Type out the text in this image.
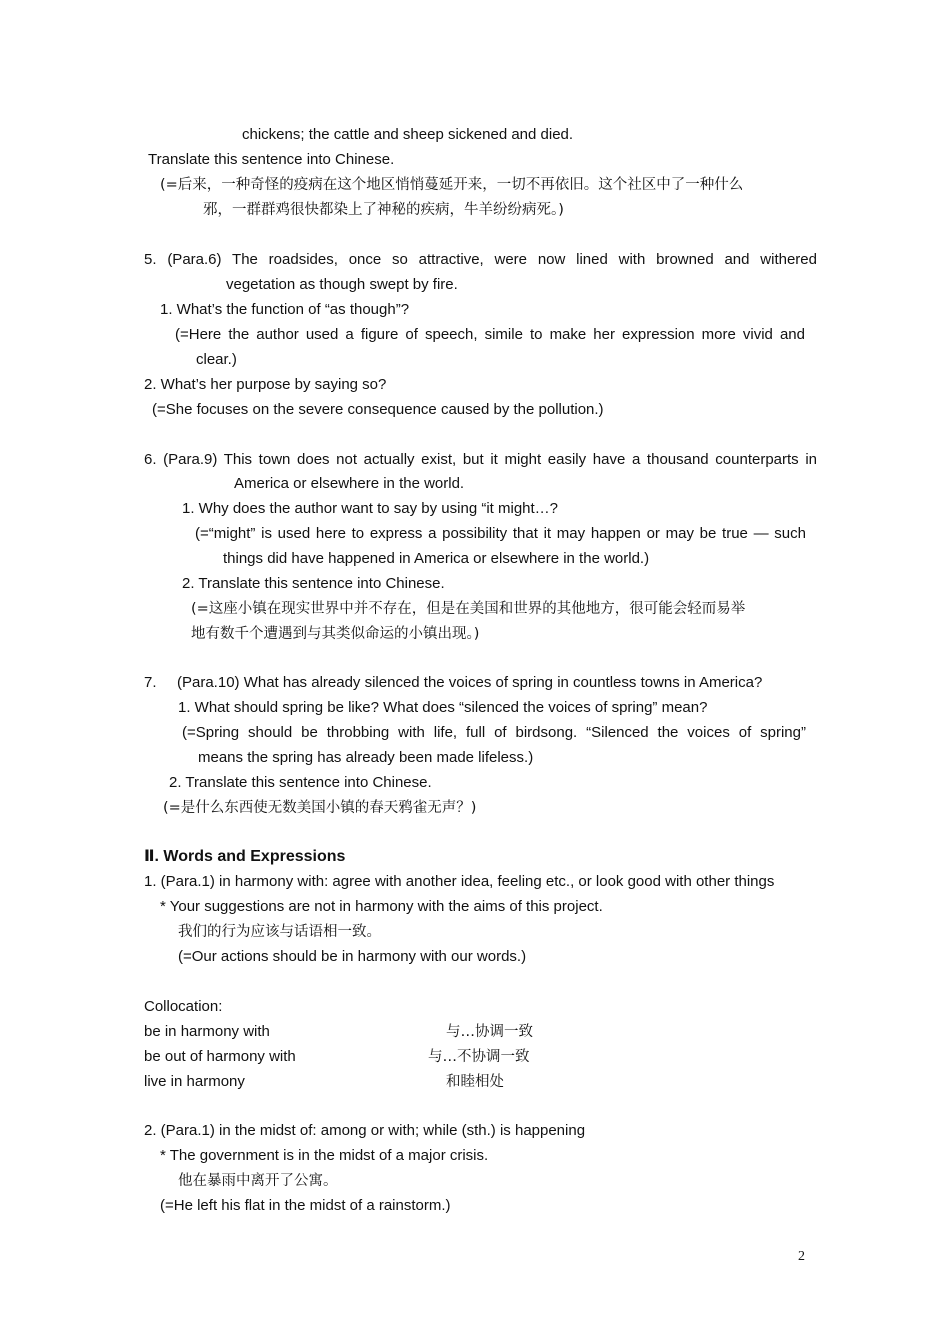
chickens; the cattle and sheep sickened and died.
Translate this sentence into Chinese.
(=后来，一种奇怪的疫病在这个地区悄悄蔓延开来，一切不再依旧。这个社区中了一种什么
邪，一群群鸡很快都染上了神秘的疾病，牛羊纷纷病死。)
5. (Para.6) The roadsides, once so attractive, were now lined with browned and withered
vegetation as though swept by fire.
1. What’s the function of “as though”?
(=Here the author used a figure of speech, simile to make her expression more vivid and
clear.)
2. What’s her purpose by saying so?
(=She focuses on the severe consequence caused by the pollution.)
6. (Para.9) This town does not actually exist, but it might easily have a thousand counterparts in
America or elsewhere in the world.
1. Why does the author want to say by using “it might…?
(=“might” is used here to express a possibility that it may happen or may be true — such
things did have happened in America or elsewhere in the world.)
2. Translate this sentence into Chinese.
(=这座小镇在现实世界中并不存在，但是在美国和世界的其他地方，很可能会轻而易举
地有数千个遭遇到与其类似命运的小镇出现。)
7. (Para.10) What has already silenced the voices of spring in countless towns in America?
1. What should spring be like? What does “silenced the voices of spring” mean?
(=Spring should be throbbing with life, full of birdsong. “Silenced the voices of spring”
means the spring has already been made lifeless.)
2. Translate this sentence into Chinese.
(=是什么东西使无数美国小镇的春天鸦雀无声？)
Ⅱ. Words and Expressions
1. (Para.1) in harmony with: agree with another idea, feeling etc., or look good with other things
* Your suggestions are not in harmony with the aims of this project.
我们的行为应该与话语相一致。
(=Our actions should be in harmony with our words.)
Collocation:
be in harmony with	与…协调一致
be out of harmony with	与…不协调一致
live in harmony	和睦相处
2. (Para.1) in the midst of: among or with; while (sth.) is happening
* The government is in the midst of a major crisis.
他在暴雨中离开了公寓。
(=He left his flat in the midst of a rainstorm.)
2
